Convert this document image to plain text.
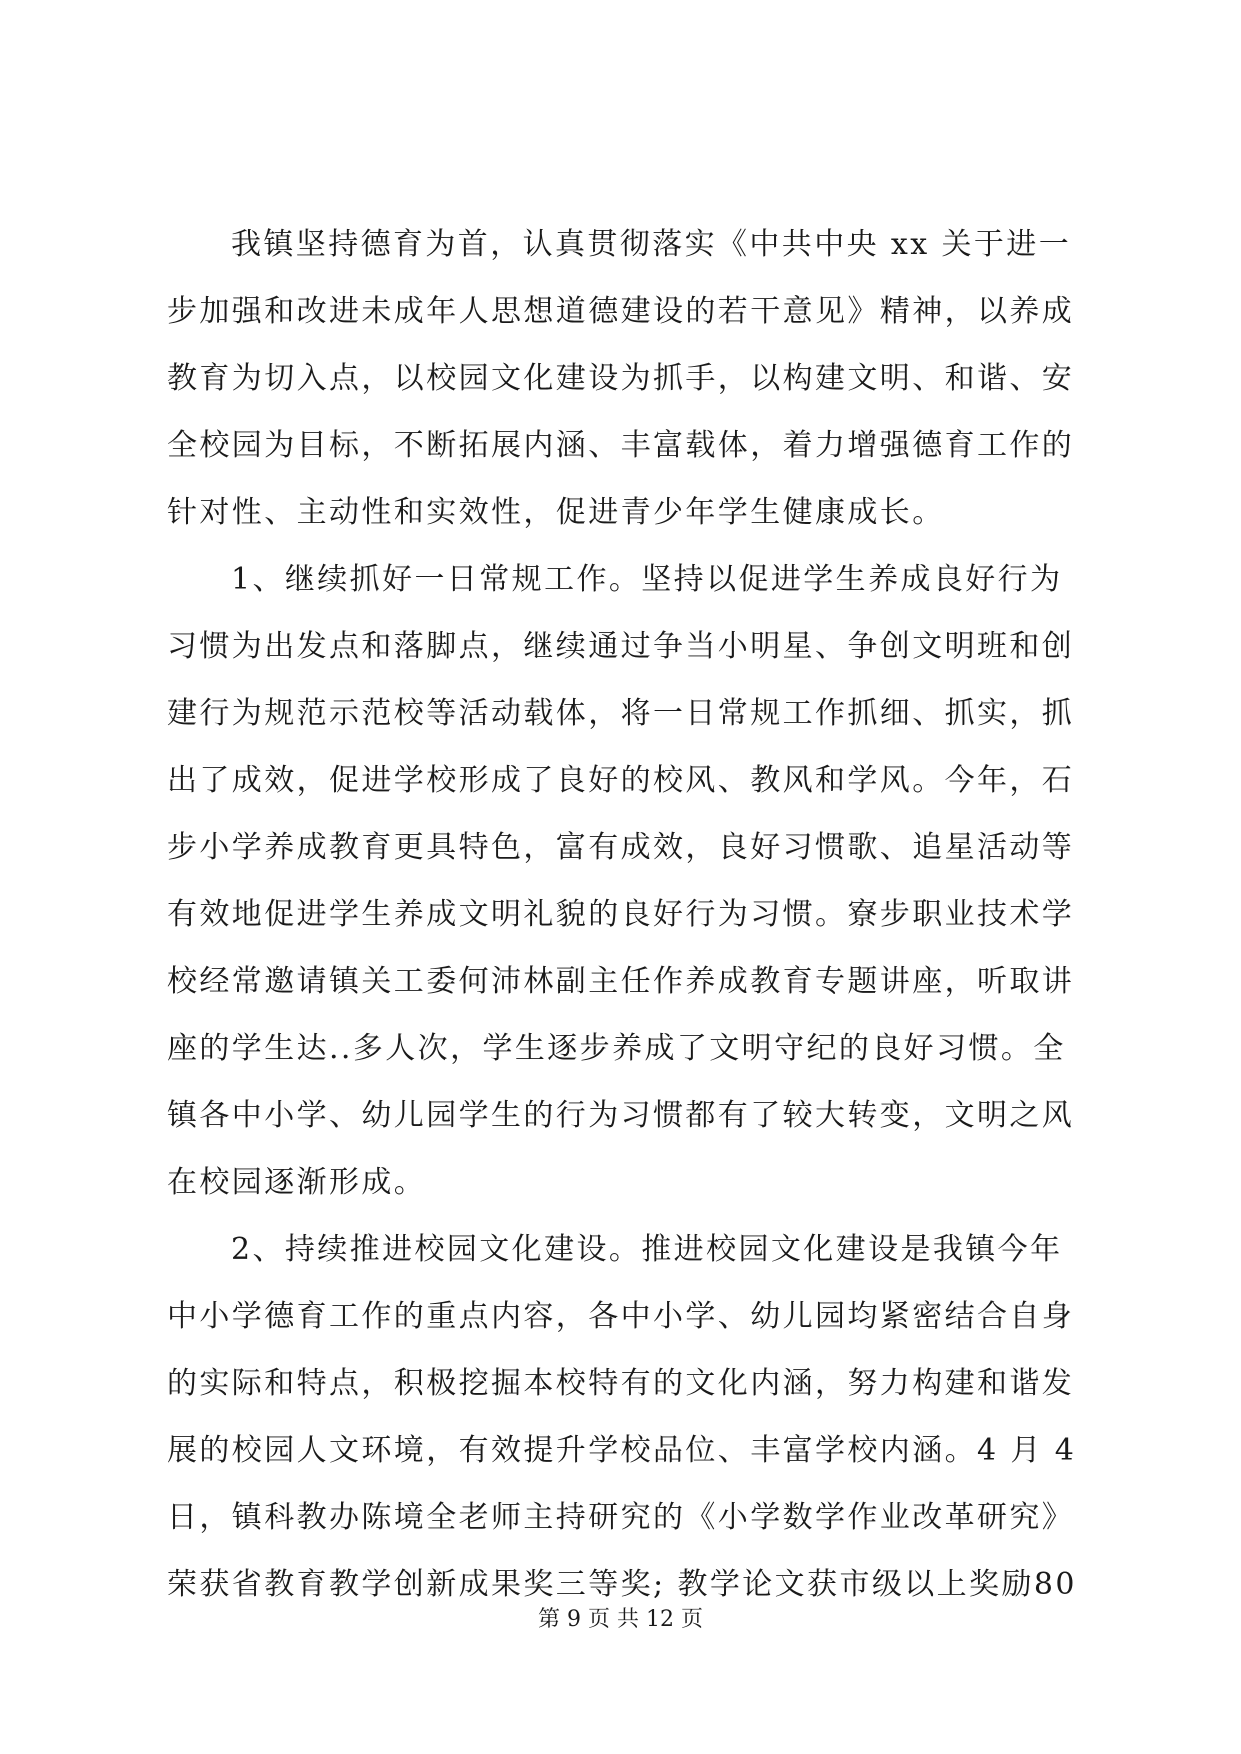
我镇坚持德育为首，认真贯彻落实《中共中央 xx 关于进一
步加强和改进未成年人思想道德建设的若干意见》精神，以养成
教育为切入点，以校园文化建设为抓手，以构建文明、和谐、安
全校园为目标，不断拓展内涵、丰富载体，着力增强德育工作的
针对性、主动性和实效性，促进青少年学生健康成长。
1、继续抓好一日常规工作。坚持以促进学生养成良好行为
习惯为出发点和落脚点，继续通过争当小明星、争创文明班和创
建行为规范示范校等活动载体，将一日常规工作抓细、抓实，抓
出了成效，促进学校形成了良好的校风、教风和学风。今年，石
步小学养成教育更具特色，富有成效，良好习惯歌、追星活动等
有效地促进学生养成文明礼貌的良好行为习惯。寮步职业技术学
校经常邀请镇关工委何沛林副主任作养成教育专题讲座，听取讲
座的学生达..多人次，学生逐步养成了文明守纪的良好习惯。全
镇各中小学、幼儿园学生的行为习惯都有了较大转变，文明之风
在校园逐渐形成。
2、持续推进校园文化建设。推进校园文化建设是我镇今年
中小学德育工作的重点内容，各中小学、幼儿园均紧密结合自身
的实际和特点，积极挖掘本校特有的文化内涵，努力构建和谐发
展的校园人文环境，有效提升学校品位、丰富学校内涵。4 月 4
日，镇科教办陈境全老师主持研究的《小学数学作业改革研究》
荣获省教育教学创新成果奖三等奖; 教学论文获市级以上奖励80
第 9 页 共 12 页
